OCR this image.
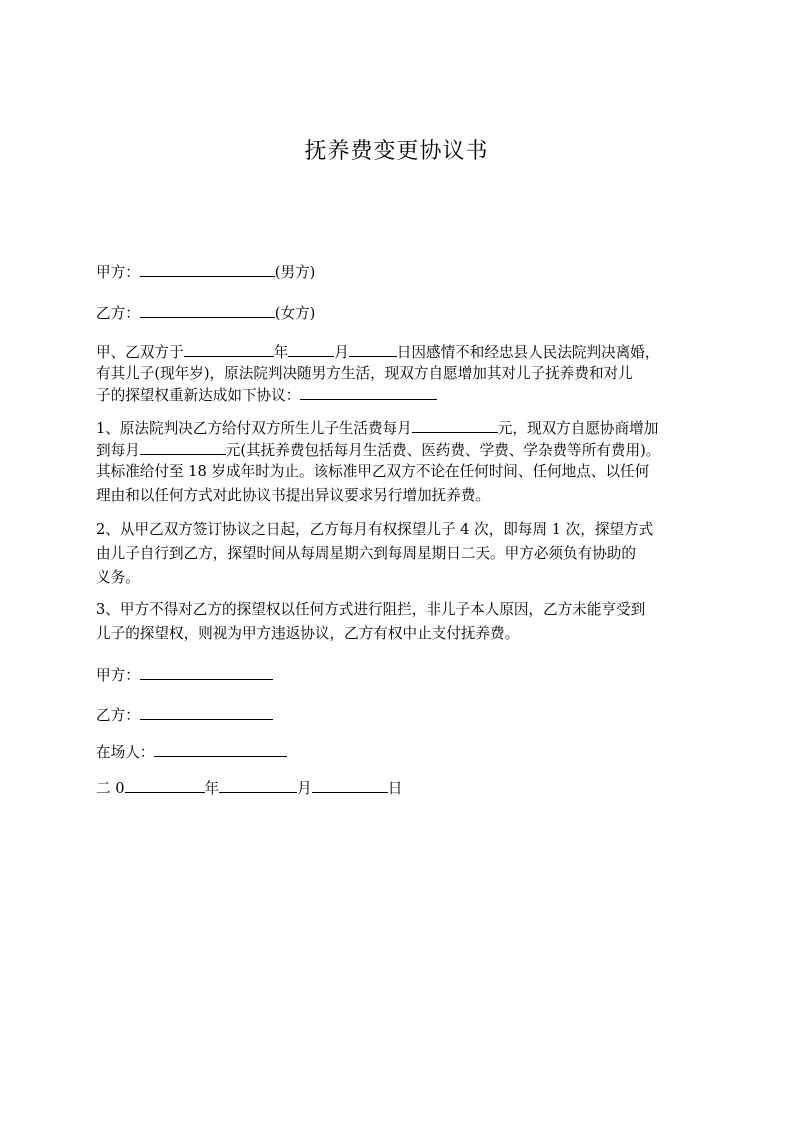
抚养费变更协议书
甲方：	(男方)
乙方：	(女方)
甲、乙双方于	年	月	日因感情不和经忠县人民法院判决离婚，
有其儿子(现年岁)，原法院判决随男方生活，现双方自愿增加其对儿子抚养费和对儿
子的探望权重新达成如下协议：
1、原法院判决乙方给付双方所生儿子生活费每月	元，现双方自愿协商增加
到每月	元(其抚养费包括每月生活费、医药费、学费、学杂费等所有费用)。
其标准给付至 18 岁成年时为止。该标准甲乙双方不论在任何时间、任何地点、以任何
理由和以任何方式对此协议书提出异议要求另行增加抚养费。
2、从甲乙双方签订协议之日起，乙方每月有权探望儿子 4 次，即每周 1 次，探望方式
由儿子自行到乙方，探望时间从每周星期六到每周星期日二天。甲方必须负有协助的
义务。
3、甲方不得对乙方的探望权以任何方式进行阻拦，非儿子本人原因，乙方未能亨受到
儿子的探望权，则视为甲方违返协议，乙方有权中止支付抚养费。
甲方：
乙方：
在场人：
二 0	年	月	日
